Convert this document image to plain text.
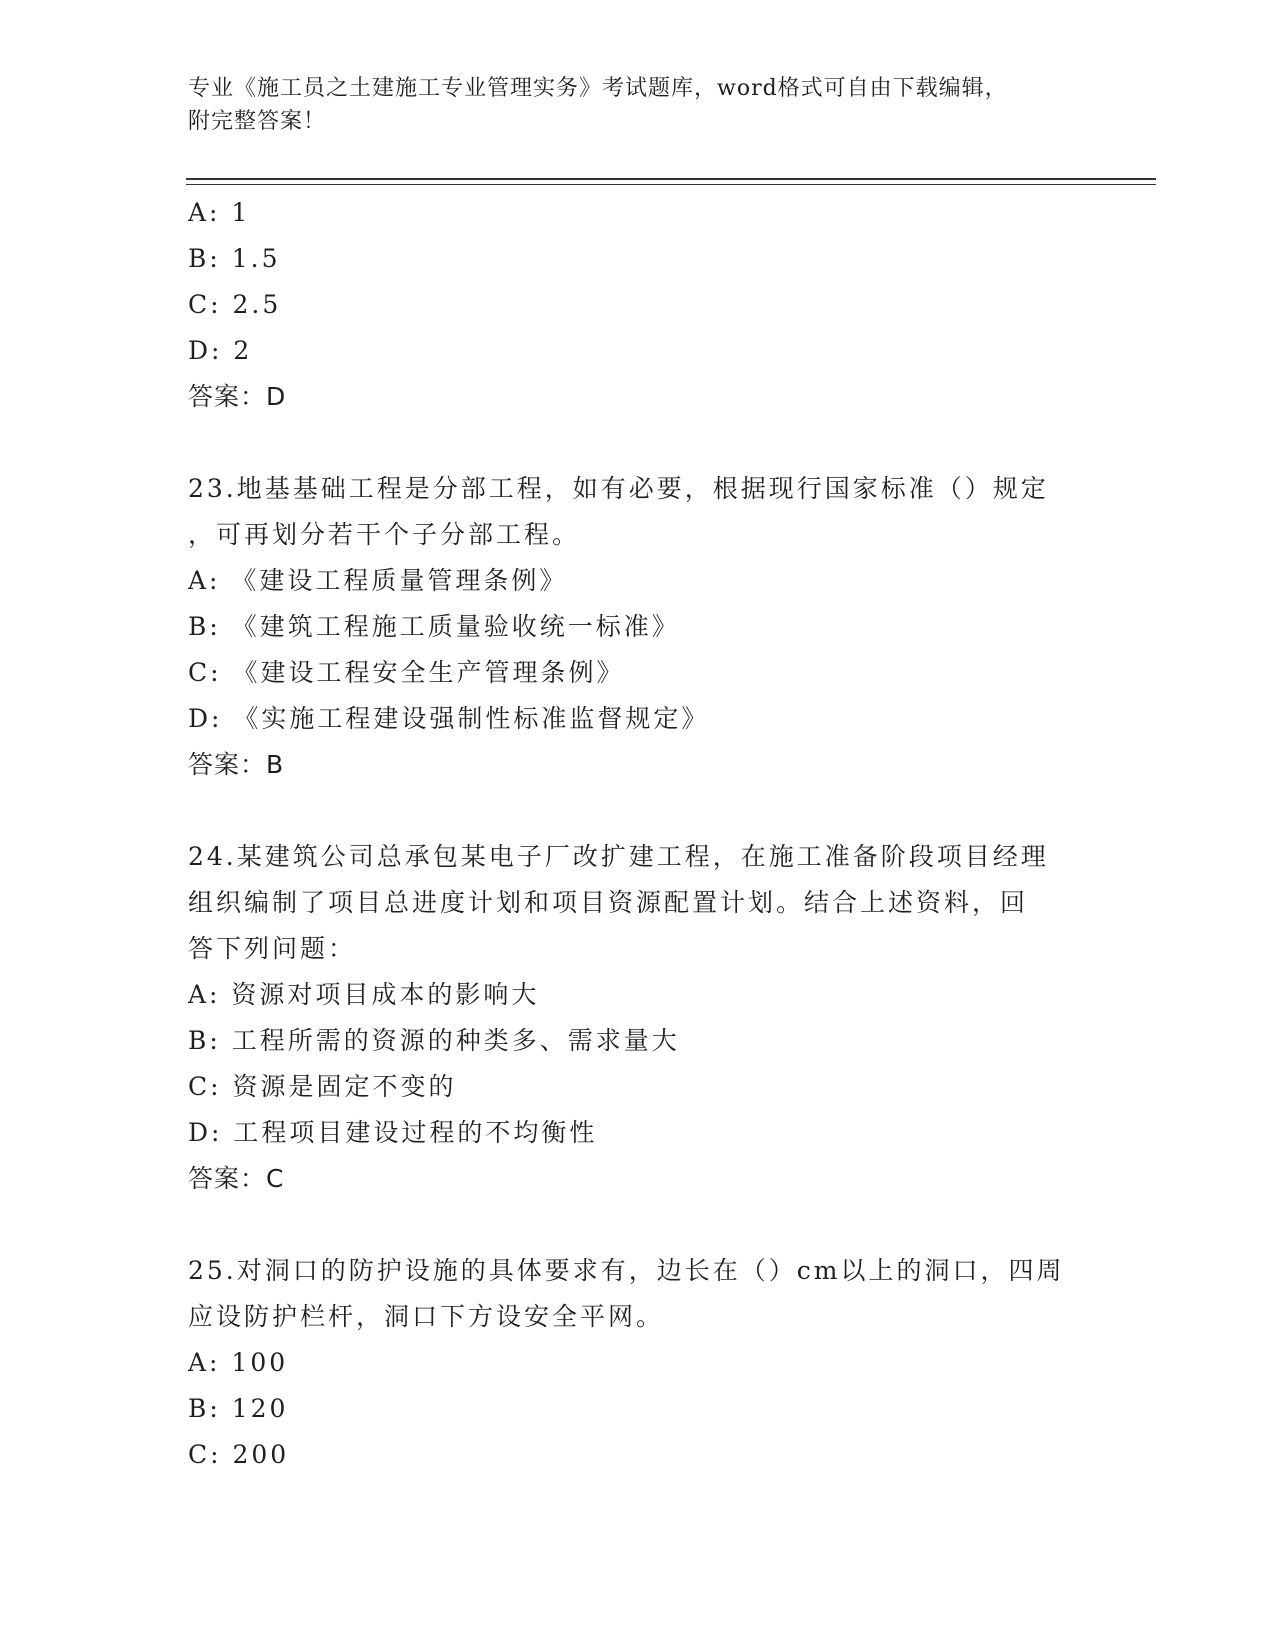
专业《施工员之土建施工专业管理实务》考试题库，word格式可自由下载编辑，
附完整答案！
A: 1
B: 1.5
C: 2.5
D: 2
答案：D
23.地基基础工程是分部工程，如有必要，根据现行国家标准（）规定
，可再划分若干个子分部工程。
A: 《建设工程质量管理条例》
B: 《建筑工程施工质量验收统一标准》
C: 《建设工程安全生产管理条例》
D: 《实施工程建设强制性标准监督规定》
答案：B
24.某建筑公司总承包某电子厂改扩建工程，在施工准备阶段项目经理
组织编制了项目总进度计划和项目资源配置计划。结合上述资料，回
答下列问题：
A: 资源对项目成本的影响大
B: 工程所需的资源的种类多、需求量大
C: 资源是固定不变的
D: 工程项目建设过程的不均衡性
答案：C
25.对洞口的防护设施的具体要求有，边长在（）cm以上的洞口，四周
应设防护栏杆，洞口下方设安全平网。
A: 100
B: 120
C: 200
